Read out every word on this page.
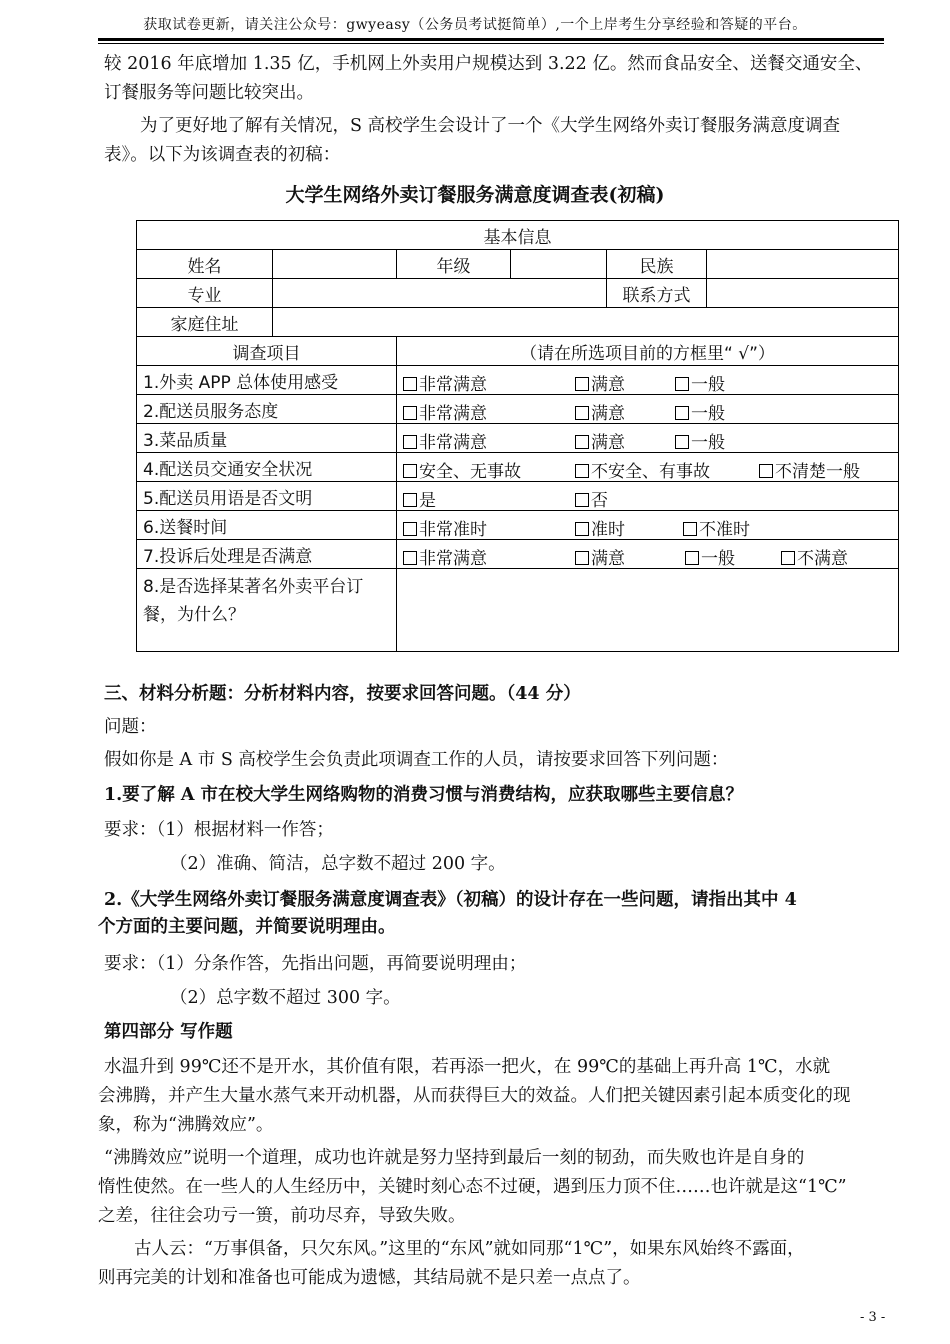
获取试卷更新，请关注公众号：gwyeasy（公务员考试挺简单）,一个上岸考生分享经验和答疑的平台。
较 2016 年底增加 1.35 亿，手机网上外卖用户规模达到 3.22 亿。然而食品安全、送餐交通安全、
订餐服务等问题比较突出。
为了更好地了解有关情况，S 高校学生会设计了一个《大学生网络外卖订餐服务满意度调查
表》。以下为该调查表的初稿：
大学生网络外卖订餐服务满意度调查表(初稿)
基本信息					
姓名		年级		民族	
专业				联系方式	
家庭住址					
调查项目		（请在所选项目前的方框里“ √”）			
1.外卖 APP 总体使用感受		非常满意 满意 一般			

2.配送员服务态度		非常满意 满意 一般			

3.菜品质量		非常满意 满意 一般			

4.配送员交通安全状况		安全、无事故 不安全、有事故 不清楚一般			

5.配送员用语是否文明		是 否			

6.送餐时间		非常准时 准时 不准时			

7.投诉后处理是否满意		非常满意 满意 一般 不满意			

8.是否选择某著名外卖平台订
餐，为什么？					

三、材料分析题：分析材料内容，按要求回答问题。（44 分）
问题：
假如你是 A 市 S 高校学生会负责此项调查工作的人员，请按要求回答下列问题：
1.要了解 A 市在校大学生网络购物的消费习惯与消费结构，应获取哪些主要信息？
要求：（1）根据材料一作答；
（2）准确、简洁，总字数不超过 200 字。
2.《大学生网络外卖订餐服务满意度调查表》（初稿）的设计存在一些问题，请指出其中 4
个方面的主要问题，并简要说明理由。
要求：（1）分条作答，先指出问题，再简要说明理由；
（2）总字数不超过 300 字。
第四部分 写作题
水温升到 99℃还不是开水，其价值有限，若再添一把火，在 99℃的基础上再升高 1℃，水就
会沸腾，并产生大量水蒸气来开动机器，从而获得巨大的效益。人们把关键因素引起本质变化的现
象，称为“沸腾效应”。
“沸腾效应”说明一个道理，成功也许就是努力坚持到最后一刻的韧劲，而失败也许是自身的
惰性使然。在一些人的人生经历中，关键时刻心态不过硬，遇到压力顶不住……也许就是这“1℃”
之差，往往会功亏一篑，前功尽弃，导致失败。
古人云：“万事俱备，只欠东风。”这里的“东风”就如同那“1℃”，如果东风始终不露面，
则再完美的计划和准备也可能成为遗憾，其结局就不是只差一点点了。
- 3 -
